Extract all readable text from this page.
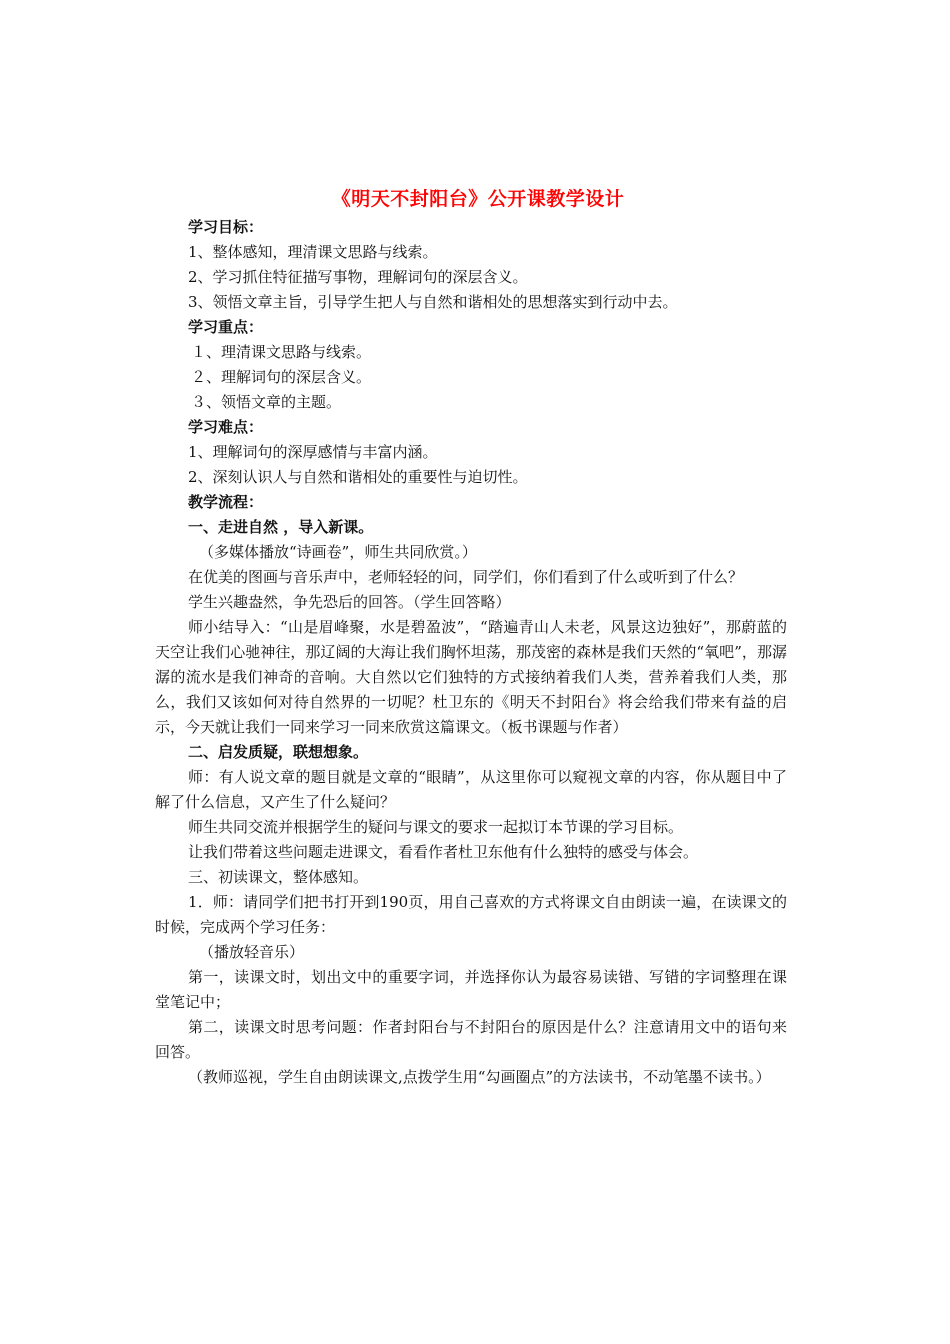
《明天不封阳台》公开课教学设计

学习目标：

1、整体感知，理清课文思路与线索。

2、学习抓住特征描写事物，理解词句的深层含义。

3、领悟文章主旨，引导学生把人与自然和谐相处的思想落实到行动中去。

学习重点：

１、理清课文思路与线索。

２、理解词句的深层含义。

３、领悟文章的主题。

学习难点：

1、理解词句的深厚感情与丰富内涵。

2、深刻认识人与自然和谐相处的重要性与迫切性。

教学流程：

一、走进自然 ，导入新课。

（多媒体播放“诗画卷”，师生共同欣赏。）

在优美的图画与音乐声中，老师轻轻的问，同学们，你们看到了什么或听到了什么？

学生兴趣盎然，争先恐后的回答。（学生回答略）

师小结导入：“山是眉峰聚，水是碧盈波”，“踏遍青山人未老，风景这边独好”，那蔚蓝的天空让我们心驰神往，那辽阔的大海让我们胸怀坦荡，那茂密的森林是我们天然的“氧吧”，那潺潺的流水是我们神奇的音响。大自然以它们独特的方式接纳着我们人类，营养着我们人类，那么，我们又该如何对待自然界的一切呢？杜卫东的《明天不封阳台》将会给我们带来有益的启示，今天就让我们一同来学习一同来欣赏这篇课文。（板书课题与作者）

二、启发质疑，联想想象。

师：有人说文章的题目就是文章的“眼睛”，从这里你可以窥视文章的内容，你从题目中了解了什么信息，又产生了什么疑问？

师生共同交流并根据学生的疑问与课文的要求一起拟订本节课的学习目标。

让我们带着这些问题走进课文，看看作者杜卫东他有什么独特的感受与体会。

三、初读课文，整体感知。

1．师：请同学们把书打开到190页，用自己喜欢的方式将课文自由朗读一遍，在读课文的时候，完成两个学习任务：

（播放轻音乐）

第一，读课文时，划出文中的重要字词，并选择你认为最容易读错、写错的字词整理在课堂笔记中；

第二，读课文时思考问题：作者封阳台与不封阳台的原因是什么？注意请用文中的语句来回答。

（教师巡视，学生自由朗读课文,点拨学生用“勾画圈点”的方法读书，不动笔墨不读书。）
